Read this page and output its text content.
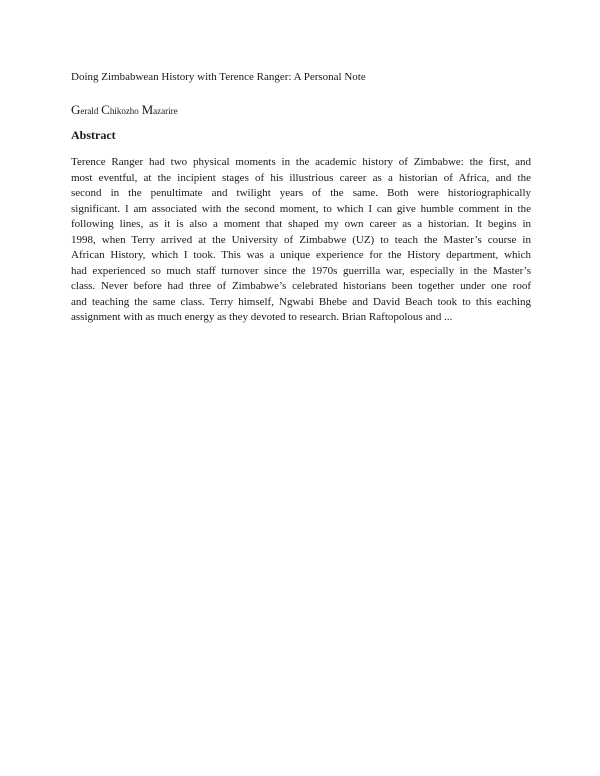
Doing Zimbabwean History with Terence Ranger: A Personal Note
Gerald Chikozho Mazarire
Abstract
Terence Ranger had two physical moments in the academic history of Zimbabwe: the first, and
most eventful, at the incipient stages of his illustrious career as a historian of Africa, and the
second in the penultimate and twilight years of the same. Both were historiographically
significant. I am associated with the second moment, to which I can give humble comment in the
following lines, as it is also a moment that shaped my own career as a historian. It begins in
1998, when Terry arrived at the University of Zimbabwe (UZ) to teach the Master’s course in
African History, which I took. This was a unique experience for the History department, which
had experienced so much staff turnover since the 1970s guerrilla war, especially in the Master’s
class. Never before had three of Zimbabwe’s celebrated historians been together under one roof
and teaching the same class. Terry himself, Ngwabi Bhebe and David Beach took to this eaching
assignment with as much energy as they devoted to research. Brian Raftopolous and ...
